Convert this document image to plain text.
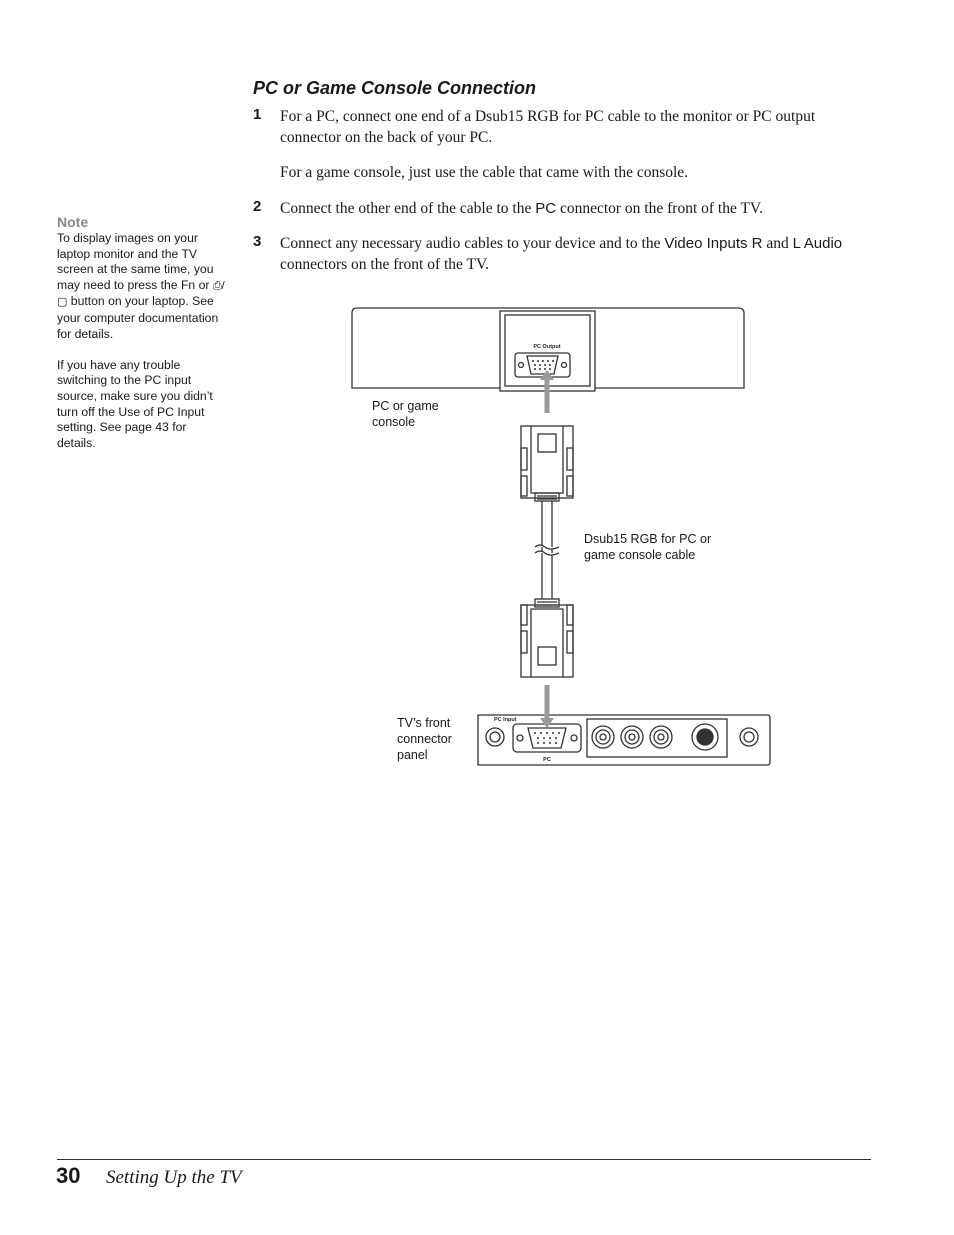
PC or Game Console Connection
1 For a PC, connect one end of a Dsub15 RGB for PC cable to the monitor or PC output connector on the back of your PC.
For a game console, just use the cable that came with the console.
2 Connect the other end of the cable to the PC connector on the front of the TV.
3 Connect any necessary audio cables to your device and to the Video Inputs R and L Audio connectors on the front of the TV.
Note

To display images on your laptop monitor and the TV screen at the same time, you may need to press the Fn or ⎙/▢ button on your laptop. See your computer documentation for details.

If you have any trouble switching to the PC input source, make sure you didn’t turn off the Use of PC Input setting. See page 43 for details.

PC Output
PC Input
PC
PC or game console
Dsub15 RGB for PC or game console cable
TV’s front connector panel
30 Setting Up the TV
